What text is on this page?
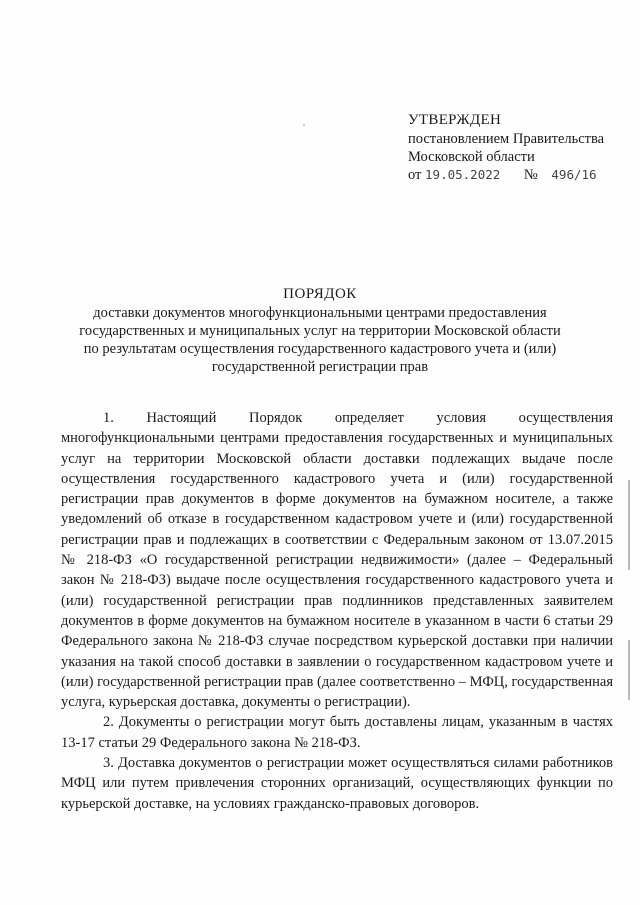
УТВЕРЖДЕН
постановлением Правительства
Московской области
от 19.05.2022 № 496/16
ПОРЯДОК
доставки документов многофункциональными центрами предоставления
государственных и муниципальных услуг на территории Московской области
по результатам осуществления государственного кадастрового учета и (или)
государственной регистрации прав

1. Настоящий Порядок определяет условия осуществления многофункциональными центрами предоставления государственных и муниципальных услуг на территории Московской области доставки подлежащих выдаче после осуществления государственного кадастрового учета и (или) государственной регистрации прав документов в форме документов на бумажном носителе, а также уведомлений об отказе в государственном кадастровом учете и (или) государственной регистрации прав и подлежащих в соответствии с Федеральным законом от 13.07.2015 № 218-ФЗ «О государственной регистрации недвижимости» (далее – Федеральный закон № 218-ФЗ) выдаче после осуществления государственного кадастрового учета и (или) государственной регистрации прав подлинников представленных заявителем документов в форме документов на бумажном носителе в указанном в части 6 статьи 29 Федерального закона № 218-ФЗ случае посредством курьерской доставки при наличии указания на такой способ доставки в заявлении о государственном кадастровом учете и (или) государственной регистрации прав (далее соответственно – МФЦ, государственная услуга, курьерская доставка, документы о регистрации).

2. Документы о регистрации могут быть доставлены лицам, указанным в частях 13-17 статьи 29 Федерального закона № 218-ФЗ.

3. Доставка документов о регистрации может осуществляться силами работников МФЦ или путем привлечения сторонних организаций, осуществляющих функции по курьерской доставке, на условиях гражданско-правовых договоров.
